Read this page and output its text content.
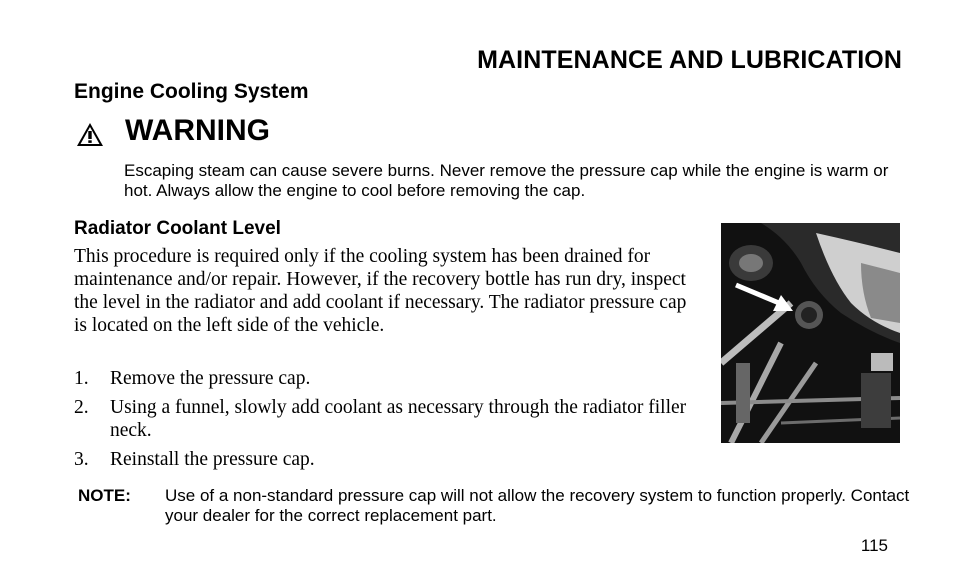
MAINTENANCE AND LUBRICATION
Engine Cooling System
WARNING
Escaping steam can cause severe burns. Never remove the pressure cap while the engine is warm or hot. Always allow the engine to cool before removing the cap.
Radiator Coolant Level
This procedure is required only if the cooling system has been drained for maintenance and/or repair. However, if the recovery bottle has run dry, inspect the level in the radiator and add coolant if necessary. The radiator pressure cap is located on the left side of the vehicle.
1.	Remove the pressure cap.
2.	Using a funnel, slowly add coolant as necessary through the radiator filler neck.
3.	Reinstall the pressure cap.
NOTE:	Use of a non-standard pressure cap will not allow the recovery system to function properly. Contact your dealer for the correct replacement part.
115
